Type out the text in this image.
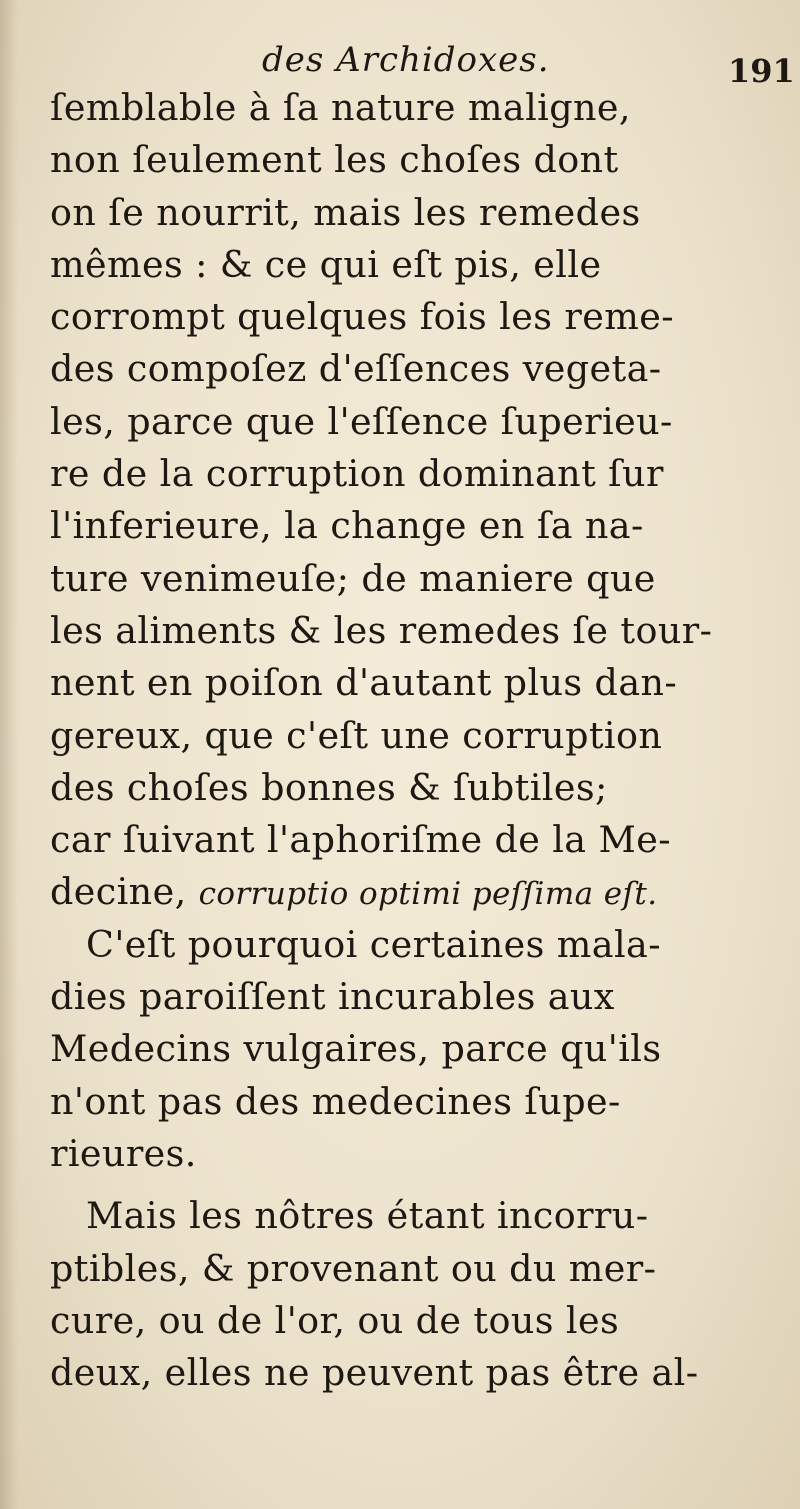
des Archidoxes.	191
ſemblable à ſa nature maligne,
non ſeulement les choſes dont
on ſe nourrit, mais les remedes
mêmes : & ce qui eſt pis, elle
corrompt quelques fois les reme-
des compoſez d'eſſences vegeta-
les, parce que l'eſſence ſuperieu-
re de la corruption dominant ſur
l'inferieure, la change en ſa na-
ture venimeuſe; de maniere que
les aliments & les remedes ſe tour-
nent en poiſon d'autant plus dan-
gereux, que c'eſt une corruption
des choſes bonnes & ſubtiles;
car ſuivant l'aphoriſme de la Me-
decine, corruptio optimi peſſima eſt.
C'eſt pourquoi certaines mala-
dies paroiſſent incurables aux
Medecins vulgaires, parce qu'ils
n'ont pas des medecines ſupe-
rieures.
Mais les nôtres étant incorru-
ptibles, & provenant ou du mer-
cure, ou de l'or, ou de tous les
deux, elles ne peuvent pas être al-
